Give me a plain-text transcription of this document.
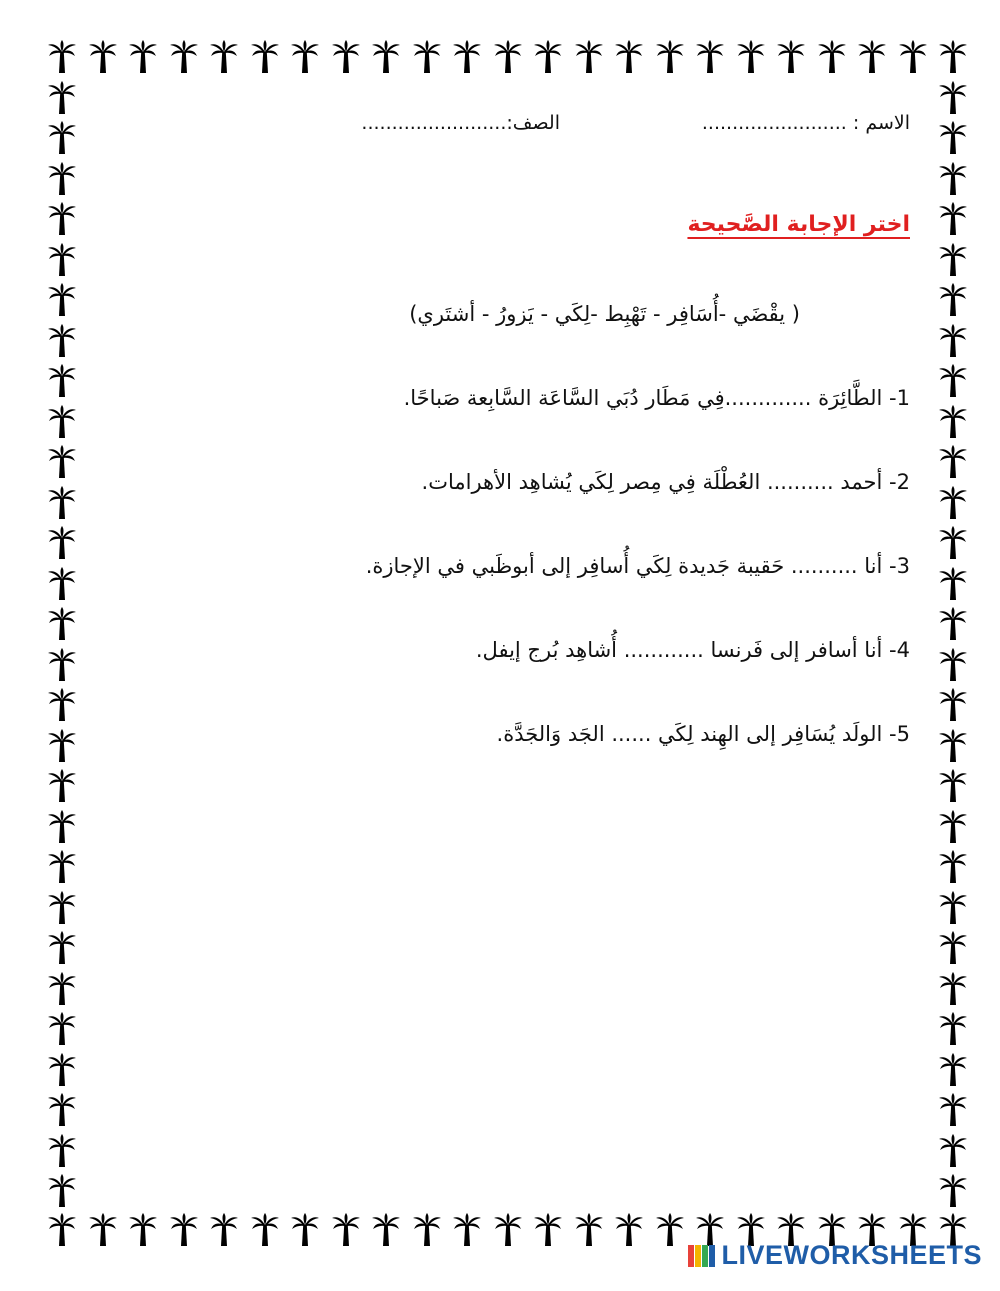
الاسم : ........................
الصف:........................
اختر الإجابة الصَّحيحة
( يقْضَي -أُسَافِر - تَهْبِط -لِكَي - يَزورُ - أشتَري)
1- الطَّائِرَة .............فِي مَطَار دُبَي السَّاعَة السَّابِعة صَباحًا.
2- أحمد .......... العُطْلَة فِي مِصر لِكَي يُشاهِد الأهرامات.
3- أنا .......... حَقيبة جَديدة لِكَي أُسافِر إلى أبوظَبي في الإجازة.
4- أنا أسافر إلى فَرنسا ............ أُشاهِد بُرج إيفل.
5- الولَد يُسَافِر إلى الهِند لِكَي ...... الجَد وَالجَدَّة.
LIVEWORKSHEETS
